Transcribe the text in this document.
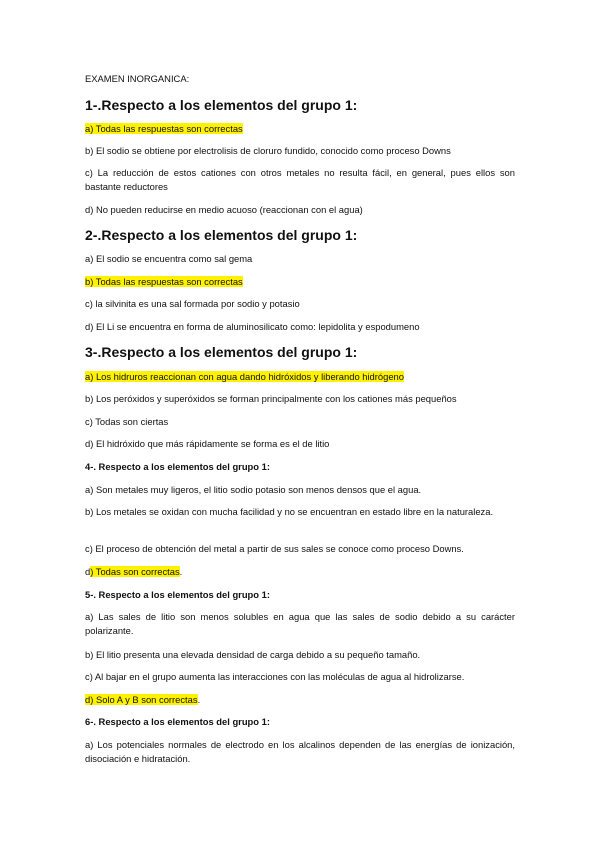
EXAMEN INORGANICA:
1-.Respecto a los elementos del grupo 1:
a) Todas las respuestas son correctas
b) El sodio se obtiene por electrolisis de cloruro fundido, conocido como proceso Downs
c) La reducción de estos cationes con otros metales no resulta fácil, en general, pues ellos son bastante reductores
d) No pueden reducirse en medio acuoso (reaccionan con el agua)
2-.Respecto a los elementos del grupo 1:
a) El sodio se encuentra como sal gema
b) Todas las respuestas son correctas
c) la silvinita es una sal formada por sodio y potasio
d) El Li se encuentra en forma de aluminosilicato como: lepidolita y espodumeno
3-.Respecto a los elementos del grupo 1:
a) Los hidruros reaccionan con agua dando hidróxidos y liberando hidrógeno
b) Los peróxidos y superóxidos se forman principalmente con los cationes más pequeños
c) Todas son ciertas
d) El hidróxido que más rápidamente se forma es el de litio
4-. Respecto a los elementos del grupo 1:
a) Son metales muy ligeros, el litio sodio potasio son menos densos que el agua.
b) Los metales se oxidan con mucha facilidad y no se encuentran en estado libre en la naturaleza.
c) El proceso de obtención del metal a partir de sus sales se conoce como proceso Downs.
d) Todas son correctas.
5-. Respecto a los elementos del grupo 1:
a) Las sales de litio son menos solubles en agua que las sales de sodio debido a su carácter polarizante.
b) El litio presenta una elevada densidad de carga debido a su pequeño tamaño.
c) Al bajar en el grupo aumenta las interacciones con las moléculas de agua al hidrolizarse.
d) Solo A y B son correctas.
6-. Respecto a los elementos del grupo 1:
a) Los potenciales normales de electrodo en los alcalinos dependen de las energías de ionización, disociación e hidratación.
